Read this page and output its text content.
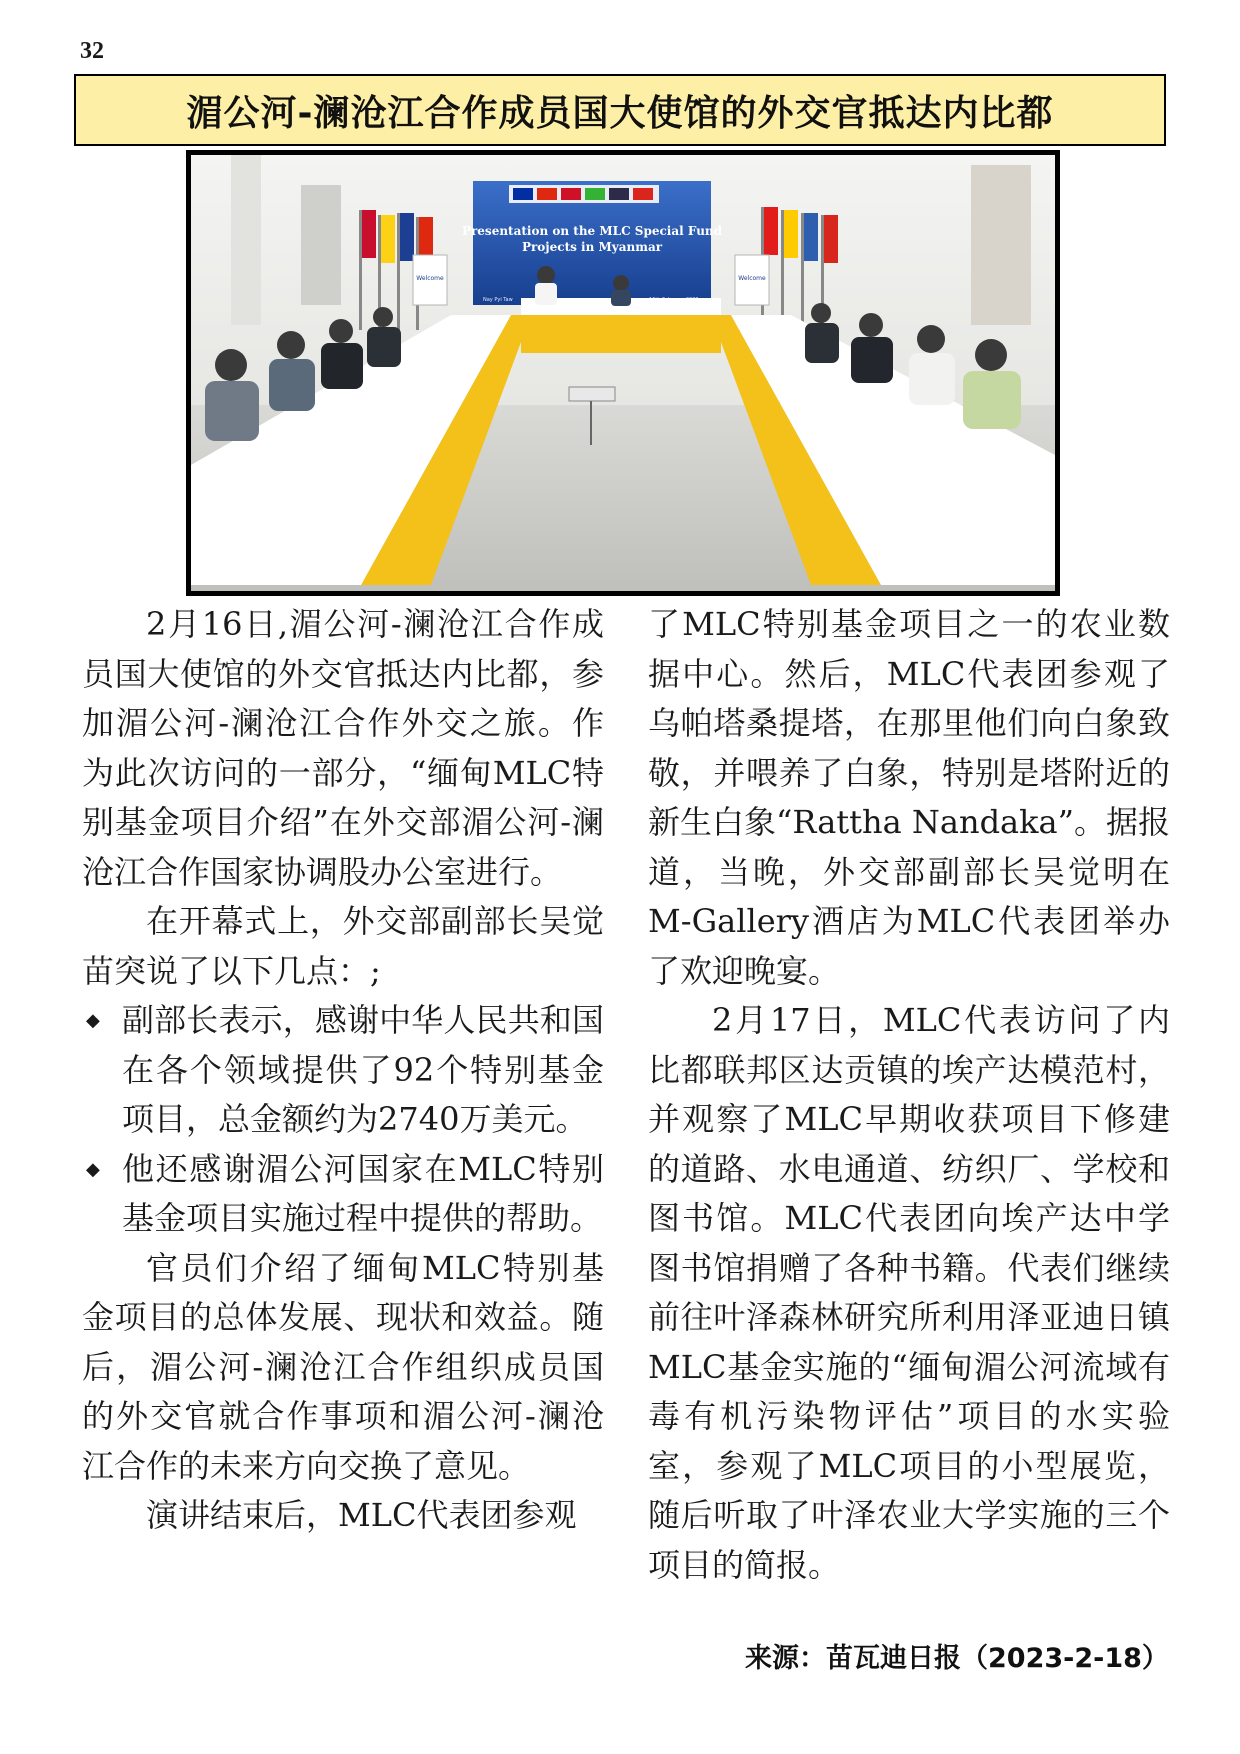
32
湄公河-澜沧江合作成员国大使馆的外交官抵达内比都
Presentation on the MLC Special Fund
Projects in Myanmar
Nay Pyi Taw
Welcome	Welcome

2月16日,湄公河-澜沧江合作成员国大使馆的外交官抵达内比都，参加湄公河-澜沧江合作外交之旅。作为此次访问的一部分，“缅甸MLC特别基金项目介绍”在外交部湄公河-澜沧江合作国家协调股办公室进行。

在开幕式上，外交部副部长吴觉苗突说了以下几点：;

◆ 副部长表示，感谢中华人民共和国在各个领域提供了92个特别基金项目，总金额约为2740万美元。
◆ 他还感谢湄公河国家在MLC特别基金项目实施过程中提供的帮助。

官员们介绍了缅甸MLC特别基金项目的总体发展、现状和效益。随后，湄公河-澜沧江合作组织成员国的外交官就合作事项和湄公河-澜沧江合作的未来方向交换了意见。

演讲结束后，MLC代表团参观

了MLC特别基金项目之一的农业数据中心。然后，MLC代表团参观了乌帕塔桑提塔，在那里他们向白象致敬，并喂养了白象，特别是塔附近的新生白象“Rattha Nandaka”。据报道，当晚，外交部副部长吴觉明在M-Gallery酒店为MLC代表团举办了欢迎晚宴。

2月17日，MLC代表访问了内比都联邦区达贡镇的埃产达模范村，并观察了MLC早期收获项目下修建的道路、水电通道、纺织厂、学校和图书馆。MLC代表团向埃产达中学图书馆捐赠了各种书籍。代表们继续前往叶泽森林研究所利用泽亚迪日镇MLC基金实施的“缅甸湄公河流域有毒有机污染物评估”项目的水实验室，参观了MLC项目的小型展览，随后听取了叶泽农业大学实施的三个项目的简报。

来源：苗瓦迪日报（2023-2-18）
